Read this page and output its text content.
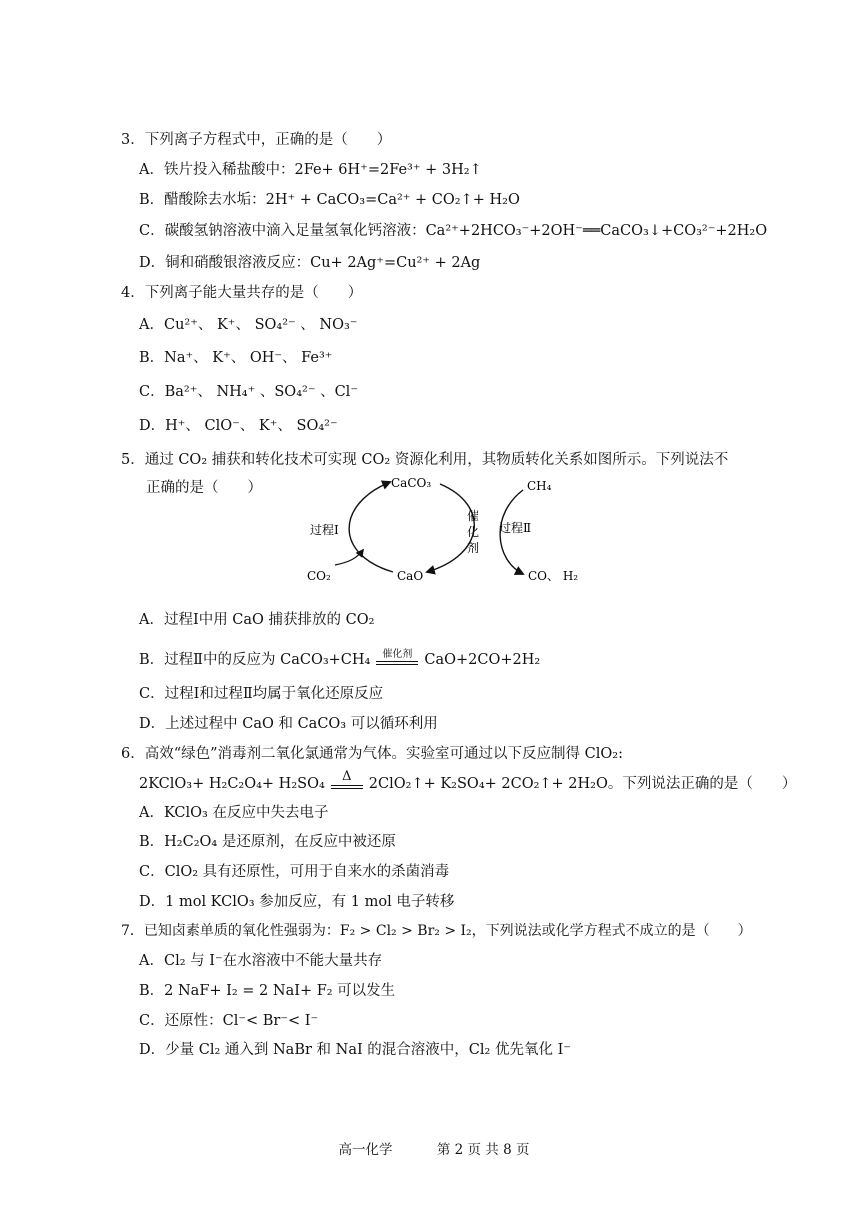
3．下列离子方程式中，正确的是（　　）
A．铁片投入稀盐酸中：2Fe+ 6H⁺=2Fe³⁺ + 3H₂↑
B．醋酸除去水垢：2H⁺ + CaCO₃=Ca²⁺ + CO₂↑+ H₂O
C．碳酸氢钠溶液中滴入足量氢氧化钙溶液：Ca²⁺+2HCO₃⁻+2OH⁻══CaCO₃↓+CO₃²⁻+2H₂O
D．铜和硝酸银溶液反应：Cu+ 2Ag⁺=Cu²⁺ + 2Ag
4．下列离子能大量共存的是（　　）
A．Cu²⁺、 K⁺、 SO₄²⁻ 、 NO₃⁻
B．Na⁺、 K⁺、 OH⁻、 Fe³⁺
C．Ba²⁺、 NH₄⁺ 、SO₄²⁻ 、Cl⁻
D．H⁺、 ClO⁻、 K⁺、 SO₄²⁻
5．通过 CO₂ 捕获和转化技术可实现 CO₂ 资源化利用，其物质转化关系如图所示。下列说法不
正确的是（　　）	CaCO₃
CaO
CO₂
CH₄
CO、 H₂
过程Ⅰ	过程Ⅱ
催
化
剂
A．过程Ⅰ中用 CaO 捕获排放的 CO₂
B．过程Ⅱ中的反应为 CaCO₃+CH₄	催化剂 CaO+2CO+2H₂
C．过程Ⅰ和过程Ⅱ均属于氧化还原反应
D．上述过程中 CaO 和 CaCO₃ 可以循环利用
6．高效“绿色”消毒剂二氧化氯通常为气体。实验室可通过以下反应制得 ClO₂:
2KClO₃+ H₂C₂O₄+ H₂SO₄	Δ	2ClO₂↑+ K₂SO₄+ 2CO₂↑+ 2H₂O。下列说法正确的是（　　）
A．KClO₃ 在反应中失去电子
B．H₂C₂O₄ 是还原剂，在反应中被还原
C．ClO₂ 具有还原性，可用于自来水的杀菌消毒
D．1 mol KClO₃ 参加反应，有 1 mol 电子转移
7．已知卤素单质的氧化性强弱为：F₂ > Cl₂ > Br₂ > I₂，下列说法或化学方程式不成立的是（　　）
A．Cl₂ 与 I⁻在水溶液中不能大量共存
B．2 NaF+ I₂ = 2 NaI+ F₂ 可以发生
C．还原性：Cl⁻< Br⁻< I⁻
D．少量 Cl₂ 通入到 NaBr 和 NaI 的混合溶液中，Cl₂ 优先氧化 I⁻
高一化学	第 2 页 共 8 页
